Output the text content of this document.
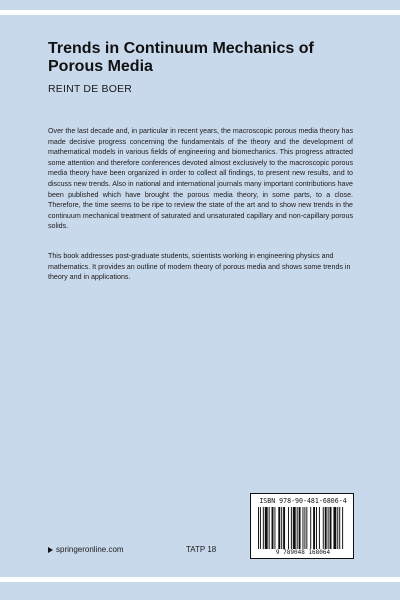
Trends in Continuum Mechanics of Porous Media
REINT DE BOER

Over the last decade and, in particular in recent years, the macroscopic porous media theory has made decisive progress concerning the fundamentals of the theory and the development of mathematical models in various fields of engineering and biomechanics. This progress attracted some attention and therefore conferences devoted almost exclusively to the macroscopic porous media theory have been organized in order to collect all findings, to present new results, and to discuss new trends. Also in national and international journals many important contributions have been published which have brought the porous media theory, in some parts, to a close. Therefore, the time seems to be ripe to review the state of the art and to show new trends in the continuum mechanical treatment of saturated and unsaturated capillary and non-capillary porous solids.

This book addresses post-graduate students, scientists working in engineering physics and mathematics. It provides an outline of modern theory of porous media and shows some trends in theory and in applications.

springeronline.com	TATP 18
ISBN 978-90-481-6806-4
9 789048 168064
